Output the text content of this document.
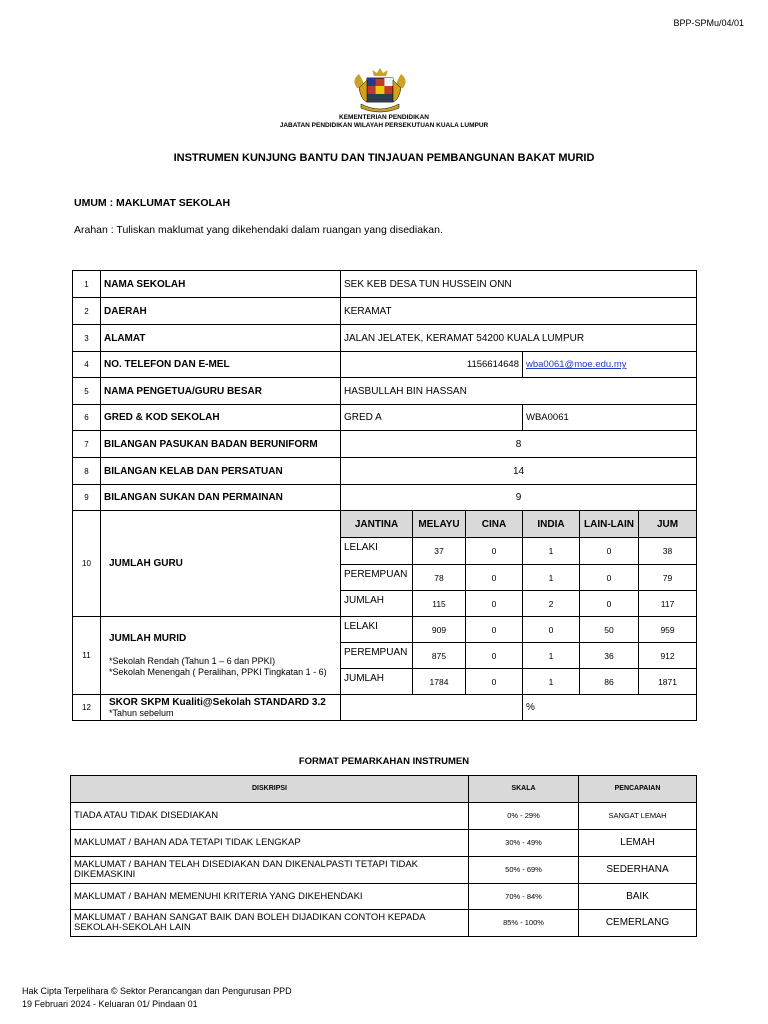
BPP-SPMu/04/01
KEMENTERIAN PENDIDIKAN
JABATAN PENDIDIKAN WILAYAH PERSEKUTUAN KUALA LUMPUR
INSTRUMEN KUNJUNG BANTU DAN TINJAUAN PEMBANGUNAN BAKAT MURID
UMUM : MAKLUMAT SEKOLAH
Arahan : Tuliskan maklumat yang dikehendaki dalam ruangan yang disediakan.
1	NAMA SEKOLAH	SEK KEB DESA TUN HUSSEIN ONN					
2	DAERAH	KERAMAT					
3	ALAMAT	JALAN JELATEK, KERAMAT 54200 KUALA LUMPUR					
4	NO. TELEFON DAN E-MEL	1156614648			wba0061@moe.edu.my		
5	NAMA PENGETUA/GURU BESAR	HASBULLAH BIN HASSAN					
6	GRED & KOD SEKOLAH	GRED A			WBA0061		
7	BILANGAN PASUKAN BADAN BERUNIFORM	8					
8	BILANGAN KELAB DAN PERSATUAN	14					
9	BILANGAN SUKAN DAN PERMAINAN	9					
10	JUMLAH GURU	JANTINA	MELAYU	CINA	INDIA	LAIN-LAIN	JUM
		LELAKI	37	0	1	0	38
		PEREMPUAN	78	0	1	0	79
		JUMLAH	115	0	2	0	117
11	JUMLAH MURID
*Sekolah Rendah (Tahun 1 – 6 dan PPKI)
*Sekolah Menengah ( Peralihan, PPKI Tingkatan 1 - 6)	LELAKI	909	0	0	50	959
		PEREMPUAN	875	0	1	36	912
		JUMLAH	1784	0	1	86	1871
12	SKOR SKPM Kualiti@Sekolah STANDARD 3.2
*Tahun sebelum				%		
FORMAT PEMARKAHAN INSTRUMEN
DISKRIPSI	SKALA	PENCAPAIAN
TIADA ATAU TIDAK DISEDIAKAN	0% - 29%	SANGAT LEMAH
MAKLUMAT / BAHAN ADA TETAPI TIDAK LENGKAP	30% - 49%	LEMAH
MAKLUMAT / BAHAN TELAH DISEDIAKAN DAN DIKENALPASTI TETAPI TIDAK DIKEMASKINI	50% - 69%	SEDERHANA
MAKLUMAT / BAHAN MEMENUHI KRITERIA YANG DIKEHENDAKI	70% - 84%	BAIK
MAKLUMAT / BAHAN SANGAT BAIK DAN BOLEH DIJADIKAN CONTOH KEPADA SEKOLAH-SEKOLAH LAIN	85% - 100%	CEMERLANG
Hak Cipta Terpelihara © Sektor Perancangan dan Pengurusan PPD
19 Februari 2024 - Keluaran 01/ Pindaan 01
